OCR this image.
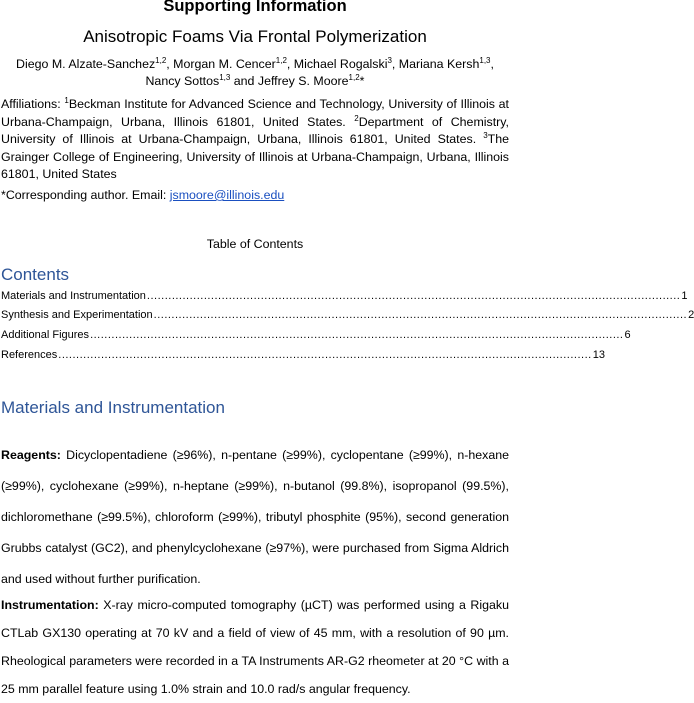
Supporting Information
Anisotropic Foams Via Frontal Polymerization
Diego M. Alzate-Sanchez$^{1,2}$, Morgan M. Cencer$^{1,2}$, Michael Rogalski$^3$, Mariana Kersh$^{1,3}$, Nancy Sottos$^{1,3}$ and Jeffrey S. Moore$^{1,2}$*
Affiliations: $^1$Beckman Institute for Advanced Science and Technology, University of Illinois at Urbana-Champaign, Urbana, Illinois 61801, United States. $^2$Department of Chemistry, University of Illinois at Urbana-Champaign, Urbana, Illinois 61801, United States. $^3$The Grainger College of Engineering, University of Illinois at Urbana-Champaign, Urbana, Illinois 61801, United States
*Corresponding author. Email: jsmoore@illinois.edu
Table of Contents
Contents
Materials and Instrumentation ...................................................................................................................................................... 1
Synthesis and Experimentation ...................................................................................................................................................... 2
Additional Figures ...................................................................................................................................................... 6
References ...................................................................................................................................................... 13
Materials and Instrumentation
Reagents: Dicyclopentadiene (≥96%), n-pentane (≥99%), cyclopentane (≥99%), n-hexane (≥99%), cyclohexane (≥99%), n-heptane (≥99%), n-butanol (99.8%), isopropanol (99.5%), dichloromethane (≥99.5%), chloroform (≥99%), tributyl phosphite (95%), second generation Grubbs catalyst (GC2), and phenylcyclohexane (≥97%), were purchased from Sigma Aldrich and used without further purification.
Instrumentation: X-ray micro-computed tomography (µCT) was performed using a Rigaku CTLab GX130 operating at 70 kV and a field of view of 45 mm, with a resolution of 90 µm. Rheological parameters were recorded in a TA Instruments AR-G2 rheometer at 20 °C with a 25 mm parallel feature using 1.0% strain and 10.0 rad/s angular frequency.
